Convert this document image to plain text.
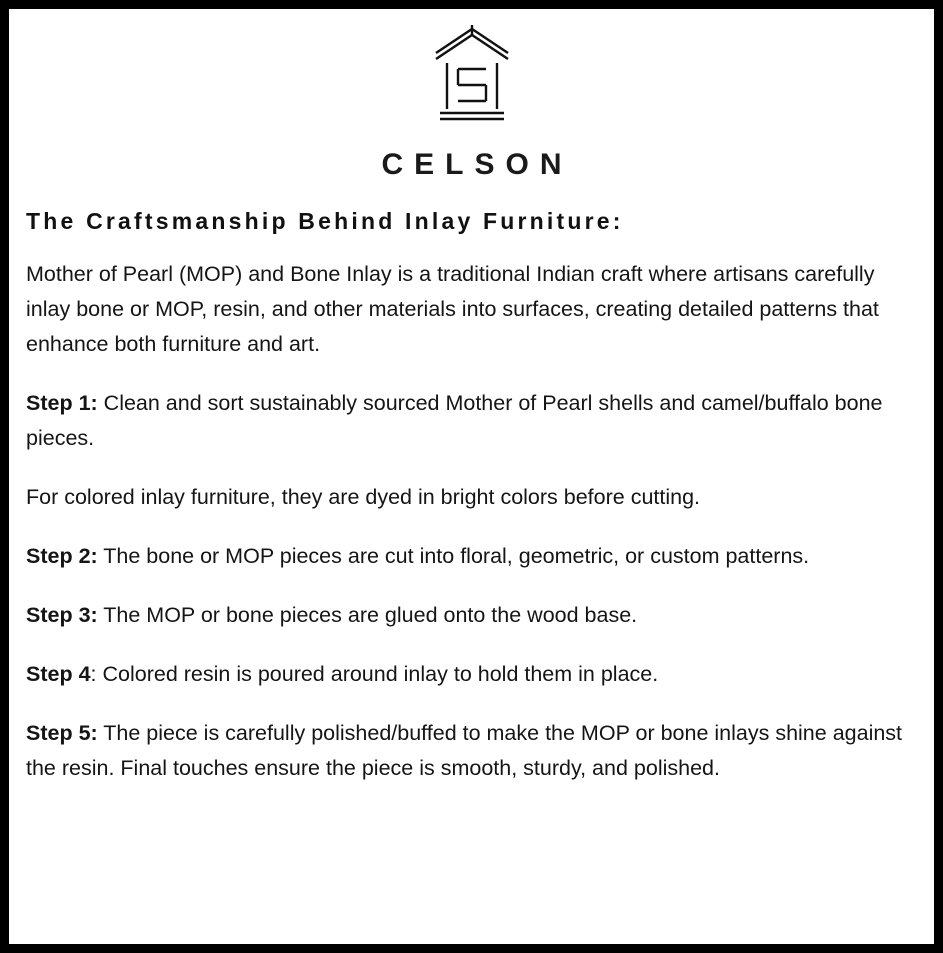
CELSON
The Craftsmanship Behind Inlay Furniture:

Mother of Pearl (MOP) and Bone Inlay is a traditional Indian craft where artisans carefully inlay bone or MOP, resin, and other materials into surfaces, creating detailed patterns that enhance both furniture and art.

Step 1: Clean and sort sustainably sourced Mother of Pearl shells and camel/buffalo bone pieces.

For colored inlay furniture, they are dyed in bright colors before cutting.

Step 2: The bone or MOP pieces are cut into floral, geometric, or custom patterns.

Step 3: The MOP or bone pieces are glued onto the wood base.

Step 4: Colored resin is poured around inlay to hold them in place.

Step 5: The piece is carefully polished/buffed to make the MOP or bone inlays shine against the resin. Final touches ensure the piece is smooth, sturdy, and polished.
